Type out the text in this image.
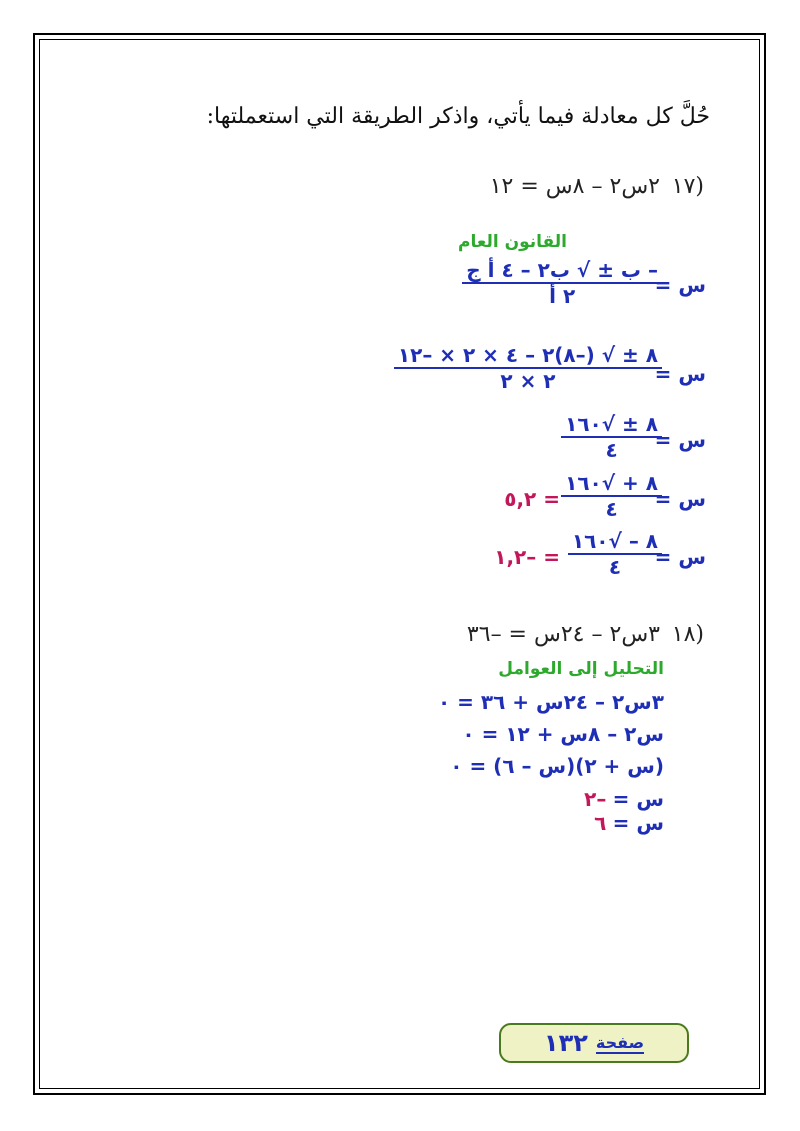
حُلَّ كل معادلة فيما يأتي، واذكر الطريقة التي استعملتها:
(١٧
٢س٢ – ٨س = ١٢
القانون العام
س =
– ب ± √ ب٢ – ٤ أ ج
٢ أ
س =
٨ ± √ (–٨)٢ – ٤ × ٢ × –١٢
٢ × ٢
س =
٨ ± √١٦٠
٤
س =
٨ + √١٦٠
٤
= ٥,٢
س =
٨ – √١٦٠
٤
= –١,٢
(١٨
٣س٢ – ٢٤س = –٣٦
التحليل إلى العوامل
٣س٢ – ٢٤س + ٣٦ = ٠
س٢ – ٨س + ١٢ = ٠
(س + ٢)(س – ٦) = ٠
س = –٢
س = ٦
صفحة
١٣٢
